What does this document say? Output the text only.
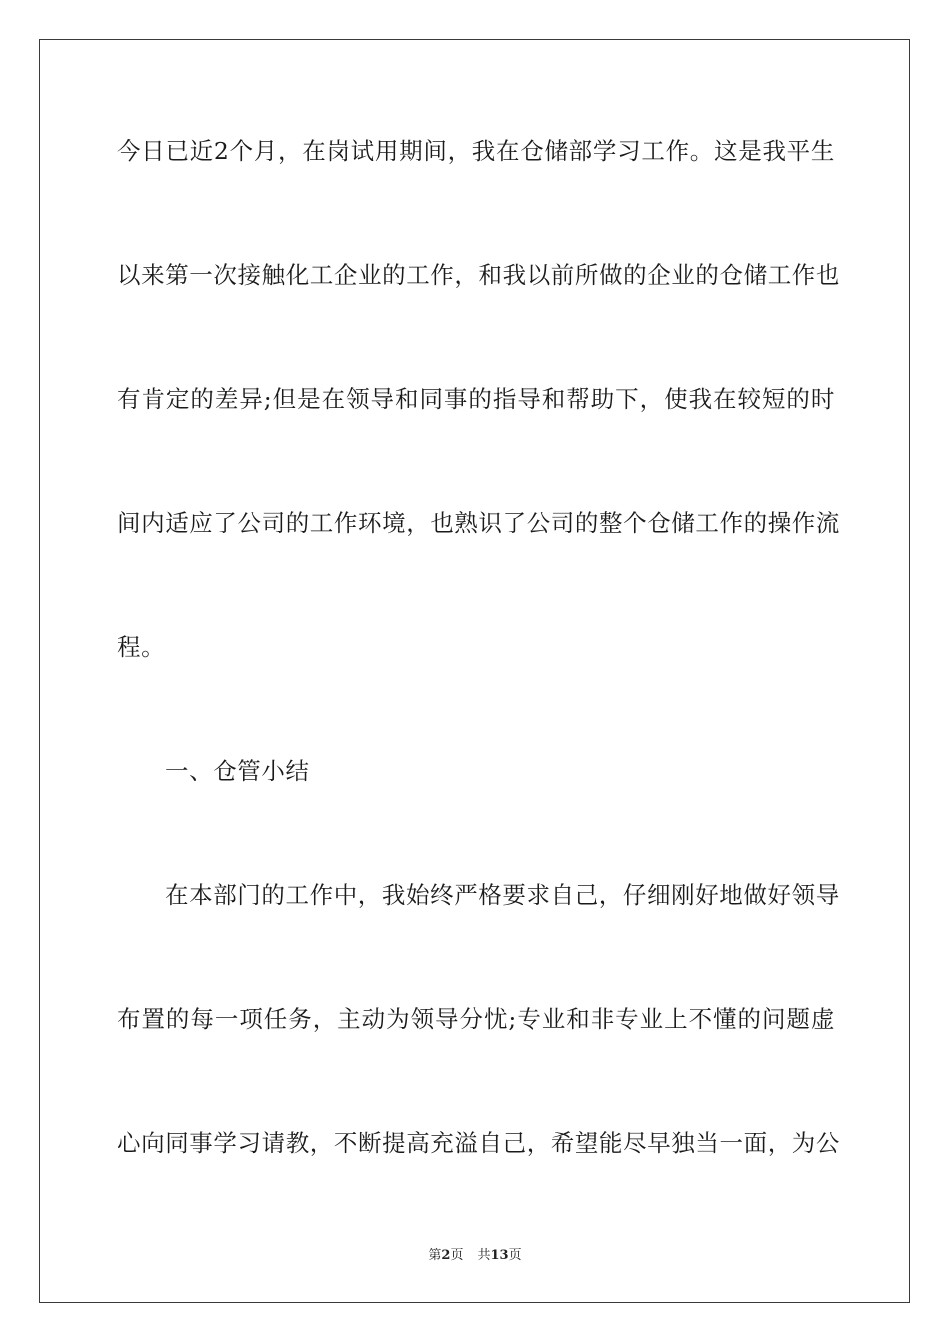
今日已近2个月，在岗试用期间，我在仓储部学习工作。这是我平生
以来第一次接触化工企业的工作，和我以前所做的企业的仓储工作也
有肯定的差异;但是在领导和同事的指导和帮助下，使我在较短的时
间内适应了公司的工作环境，也熟识了公司的整个仓储工作的操作流
程。
一、仓管小结
在本部门的工作中，我始终严格要求自己，仔细刚好地做好领导
布置的每一项任务，主动为领导分忧;专业和非专业上不懂的问题虚
心向同事学习请教，不断提高充溢自己，希望能尽早独当一面，为公
第2页 共13页
